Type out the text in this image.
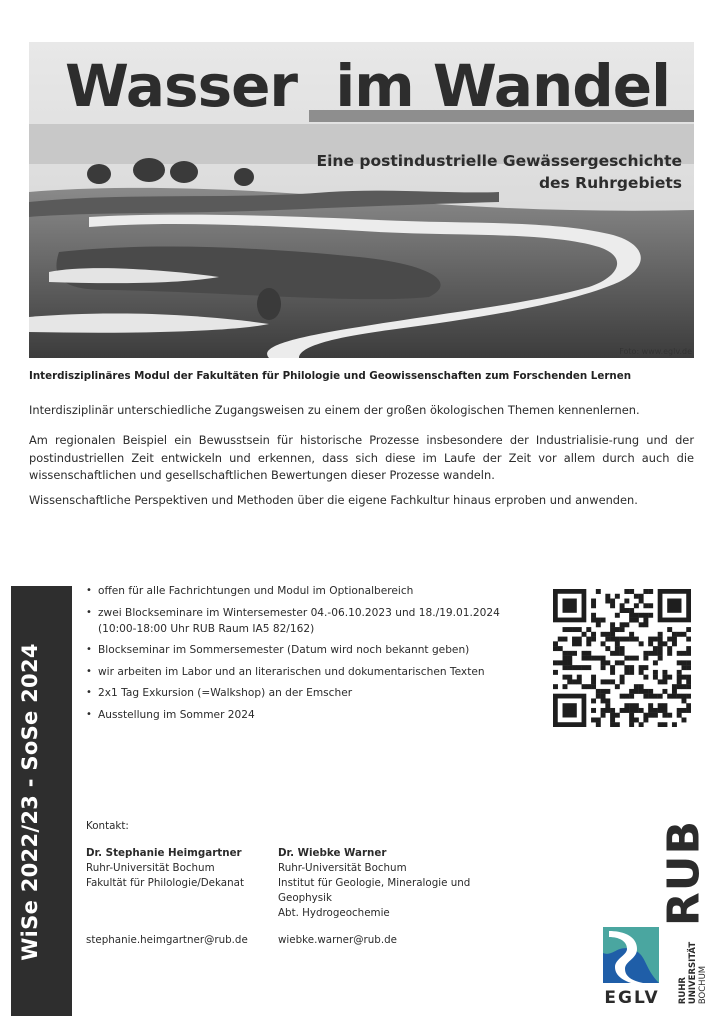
Wasser  im Wandel
Eine postindustrielle Gewässergeschichte
des Ruhrgebiets
Foto: www.eglv.de
Interdisziplinäres Modul der Fakultäten für Philologie und Geowissenschaften zum Forschenden Lernen
Interdisziplinär unterschiedliche Zugangsweisen zu einem der großen ökologischen Themen kennenlernen.
Am regionalen Beispiel ein Bewusstsein für historische Prozesse insbesondere der Industrialisie-rung und der postindustriellen Zeit entwickeln und erkennen, dass sich diese im Laufe der Zeit vor allem durch auch die wissenschaftlichen und gesellschaftlichen Bewertungen dieser Prozesse wandeln.
Wissenschaftliche Perspektiven und Methoden über die eigene Fachkultur hinaus erproben und anwenden.
WiSe 2022/23 - SoSe 2024
• offen für alle Fachrichtungen und Modul im Optionalbereich
• zwei Blockseminare im Wintersemester 04.-06.10.2023 und 18./19.01.2024 (10:00-18:00 Uhr RUB Raum IA5 82/162)
• Blockseminar im Sommersemester (Datum wird noch bekannt geben)
• wir arbeiten im Labor und an literarischen und dokumentarischen Texten
• 2x1 Tag Exkursion (=Walkshop) an der Emscher
• Ausstellung im Sommer 2024
Kontakt:
Dr. Stephanie Heimgartner
Ruhr-Universität Bochum
Fakultät für Philologie/Dekanat
stephanie.heimgartner@rub.de
Dr. Wiebke Warner
Ruhr-Universität Bochum
Institut für Geologie, Mineralogie und
Geophysik
Abt. Hydrogeochemie
wiebke.warner@rub.de
EGLV
RUB
RUHR UNIVERSITÄT BOCHUM
